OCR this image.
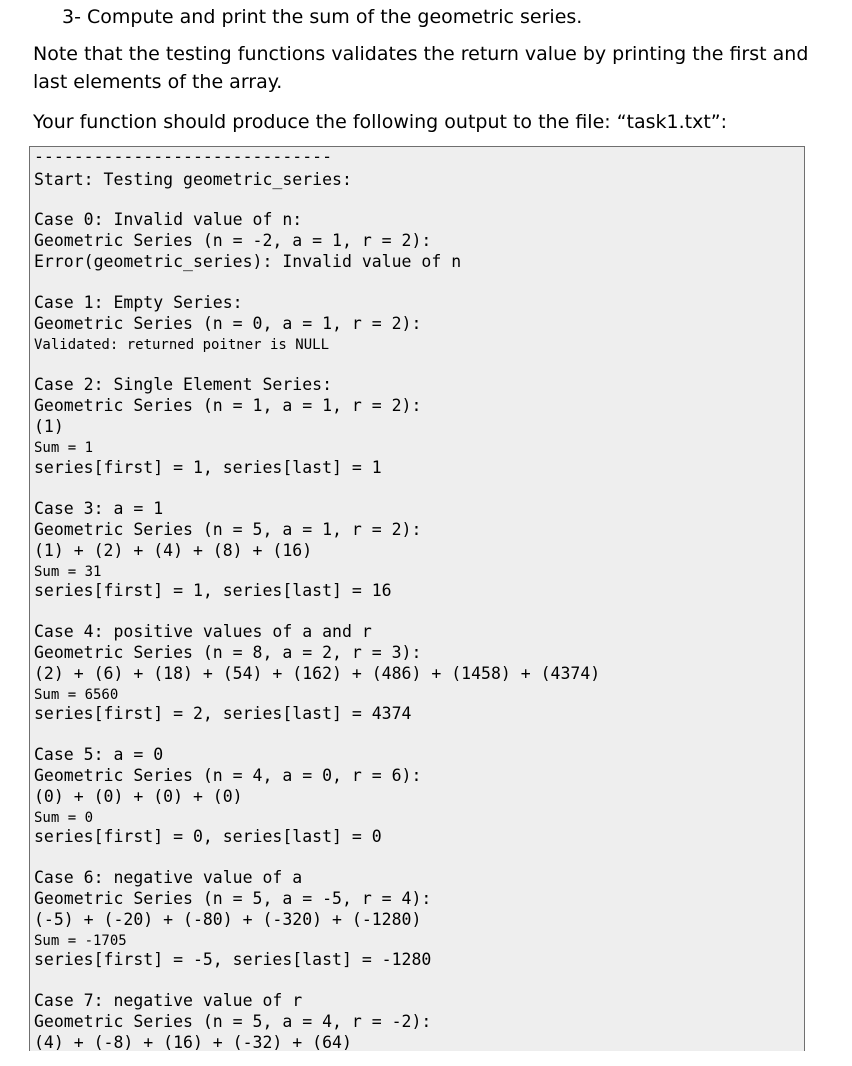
3- Compute and print the sum of the geometric series.
Note that the testing functions validates the return value by printing the first and last elements of the array.
Your function should produce the following output to the file: “task1.txt”:
------------------------------
Start: Testing geometric_series:
Case 0: Invalid value of n:
Geometric Series (n = -2, a = 1, r = 2):
Error(geometric_series): Invalid value of n
Case 1: Empty Series:
Geometric Series (n = 0, a = 1, r = 2):
Validated: returned poitner is NULL
Case 2: Single Element Series:
Geometric Series (n = 1, a = 1, r = 2):
(1)
Sum = 1
series[first] = 1, series[last] = 1
Case 3: a = 1
Geometric Series (n = 5, a = 1, r = 2):
(1) + (2) + (4) + (8) + (16)
Sum = 31
series[first] = 1, series[last] = 16
Case 4: positive values of a and r
Geometric Series (n = 8, a = 2, r = 3):
(2) + (6) + (18) + (54) + (162) + (486) + (1458) + (4374)
Sum = 6560
series[first] = 2, series[last] = 4374
Case 5: a = 0
Geometric Series (n = 4, a = 0, r = 6):
(0) + (0) + (0) + (0)
Sum = 0
series[first] = 0, series[last] = 0
Case 6: negative value of a
Geometric Series (n = 5, a = -5, r = 4):
(-5) + (-20) + (-80) + (-320) + (-1280)
Sum = -1705
series[first] = -5, series[last] = -1280
Case 7: negative value of r
Geometric Series (n = 5, a = 4, r = -2):
(4) + (-8) + (16) + (-32) + (64)
